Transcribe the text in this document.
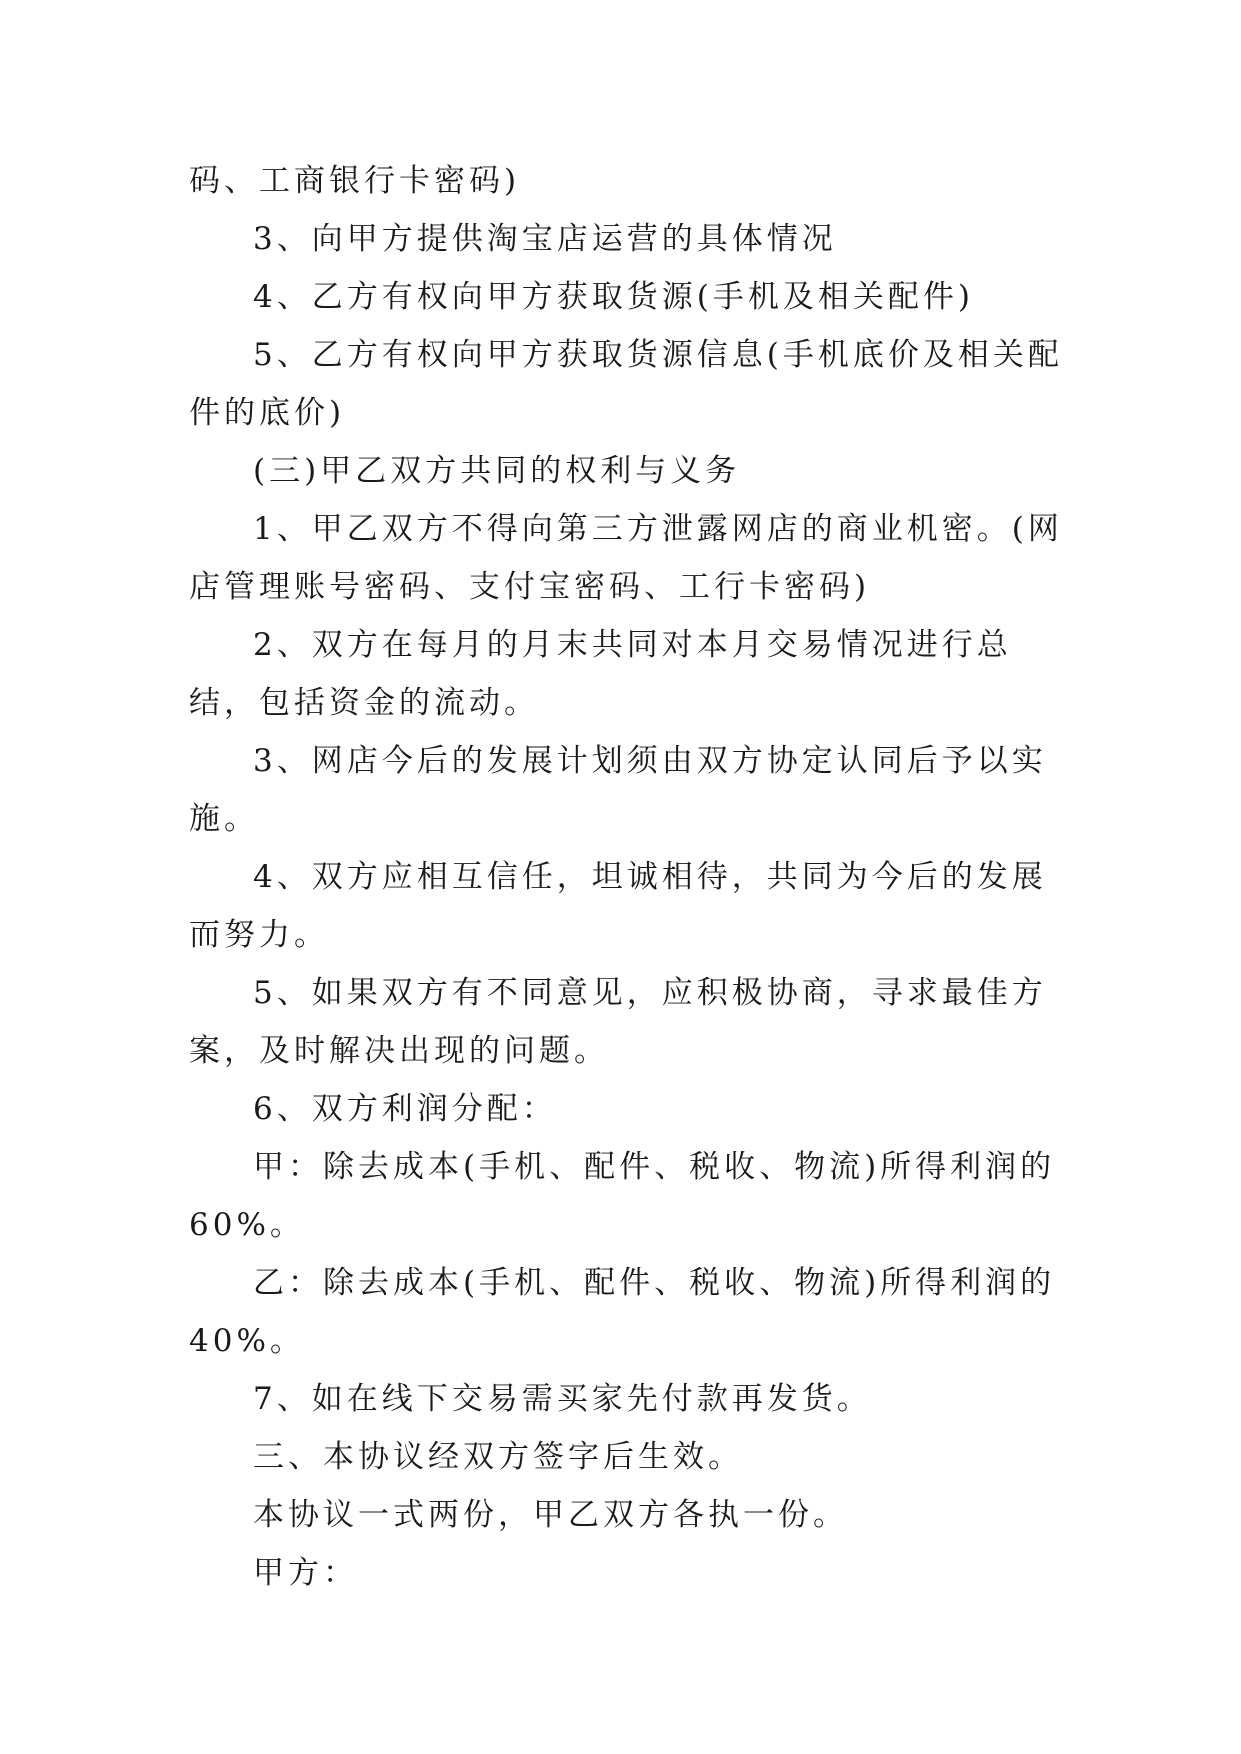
码、工商银行卡密码)

3、向甲方提供淘宝店运营的具体情况

4、乙方有权向甲方获取货源(手机及相关配件)

5、乙方有权向甲方获取货源信息(手机底价及相关配件的底价)

(三)甲乙双方共同的权利与义务

1、甲乙双方不得向第三方泄露网店的商业机密。(网店管理账号密码、支付宝密码、工行卡密码)

2、双方在每月的月末共同对本月交易情况进行总结，包括资金的流动。

3、网店今后的发展计划须由双方协定认同后予以实施。

4、双方应相互信任，坦诚相待，共同为今后的发展而努力。

5、如果双方有不同意见，应积极协商，寻求最佳方案，及时解决出现的问题。

6、双方利润分配：

甲：除去成本(手机、配件、税收、物流)所得利润的60%。

乙：除去成本(手机、配件、税收、物流)所得利润的40%。

7、如在线下交易需买家先付款再发货。

三、本协议经双方签字后生效。

本协议一式两份，甲乙双方各执一份。

甲方：
